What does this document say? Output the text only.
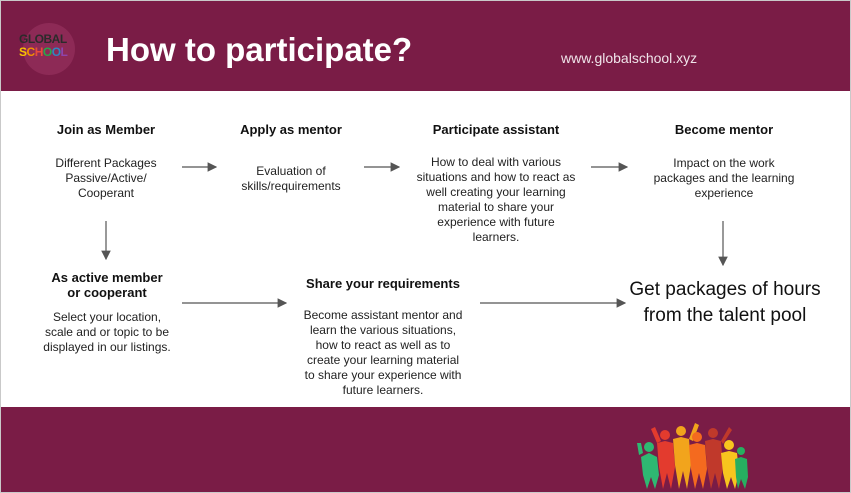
GLOBAL
SCHOOL How to participate?	www.globalschool.xyz
Join as Member
Different Packages
Passive/Active/
Cooperant
Apply as mentor
Evaluation of
skills/requirements
Participate assistant
How to deal with various
situations and how to react as
well creating your learning
material to share your
experience with future
learners.
Become mentor
Impact on the work
packages and the learning
experience
As active member
or cooperant
Select your location,
scale and or topic to be
displayed in our listings.
Share your requirements
Become assistant mentor and
learn the various situations,
how to react as well as to
create your learning material
to share your experience with
future learners.
Get packages of hours from the talent pool
